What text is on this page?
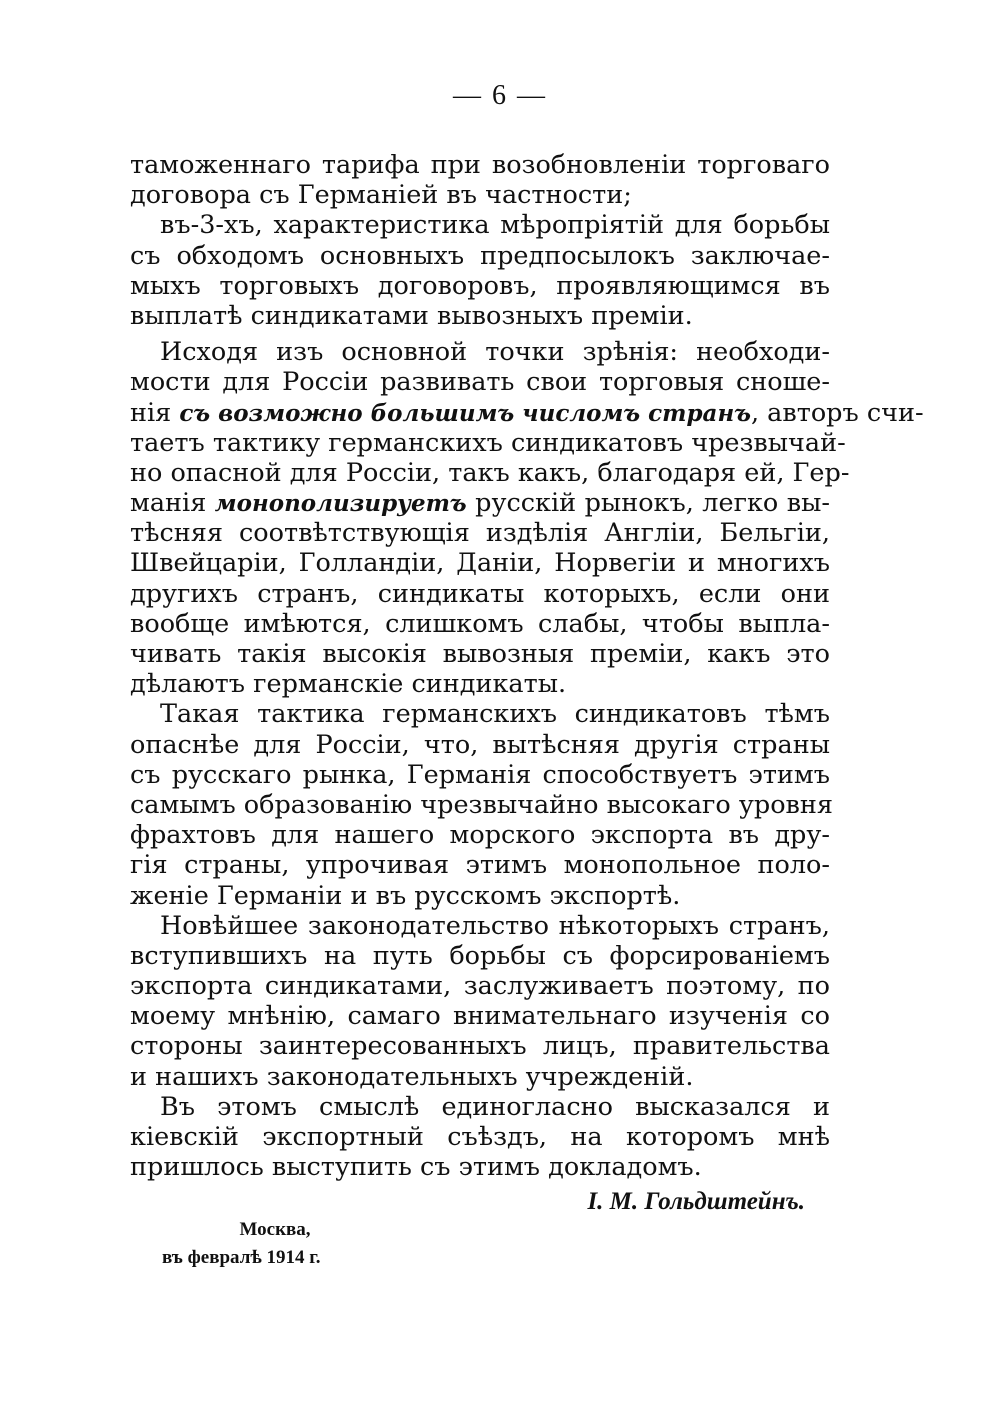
— 6 —
таможеннаго тарифа при возобновленіи торговаго
договора съ Германіей въ частности;
въ-3-хъ, характеристика мѣропріятій для борьбы
съ обходомъ основныхъ предпосылокъ заключае-
мыхъ торговыхъ договоровъ, проявляющимся въ
выплатѣ синдикатами вывозныхъ преміи.
Исходя изъ основной точки зрѣнія: необходи-
мости для Россіи развивать свои торговыя сноше-
нія съ возможно большимъ числомъ странъ, авторъ счи-
таетъ тактику германскихъ синдикатовъ чрезвычай-
но опасной для Россіи, такъ какъ, благодаря ей, Гер-
манія монополизируетъ русскій рынокъ, легко вы-
тѣсняя соотвѣтствующія издѣлія Англіи, Бельгіи,
Швейцаріи, Голландіи, Даніи, Норвегіи и многихъ
другихъ странъ, синдикаты которыхъ, если они
вообще имѣются, слишкомъ слабы, чтобы выпла-
чивать такія высокія вывозныя преміи, какъ это
дѣлаютъ германскіе синдикаты.
Такая тактика германскихъ синдикатовъ тѣмъ
опаснѣе для Россіи, что, вытѣсняя другія страны
съ русскаго рынка, Германія способствуетъ этимъ
самымъ образованію чрезвычайно высокаго уровня
фрахтовъ для нашего морского экспорта въ дру-
гія страны, упрочивая этимъ монопольное поло-
женіе Германіи и въ русскомъ экспортѣ.
Новѣйшее законодательство нѣкоторыхъ странъ,
вступившихъ на путь борьбы съ форсированіемъ
экспорта синдикатами, заслуживаетъ поэтому, по
моему мнѣнію, самаго внимательнаго изученія со
стороны заинтересованныхъ лицъ, правительства
и нашихъ законодательныхъ учрежденій.
Въ этомъ смыслѣ единогласно высказался и
кіевскій экспортный съѣздъ, на которомъ мнѣ
пришлось выступить съ этимъ докладомъ.
I. M. Гольдштейнъ.
Москва,
въ февралѣ 1914 г.
